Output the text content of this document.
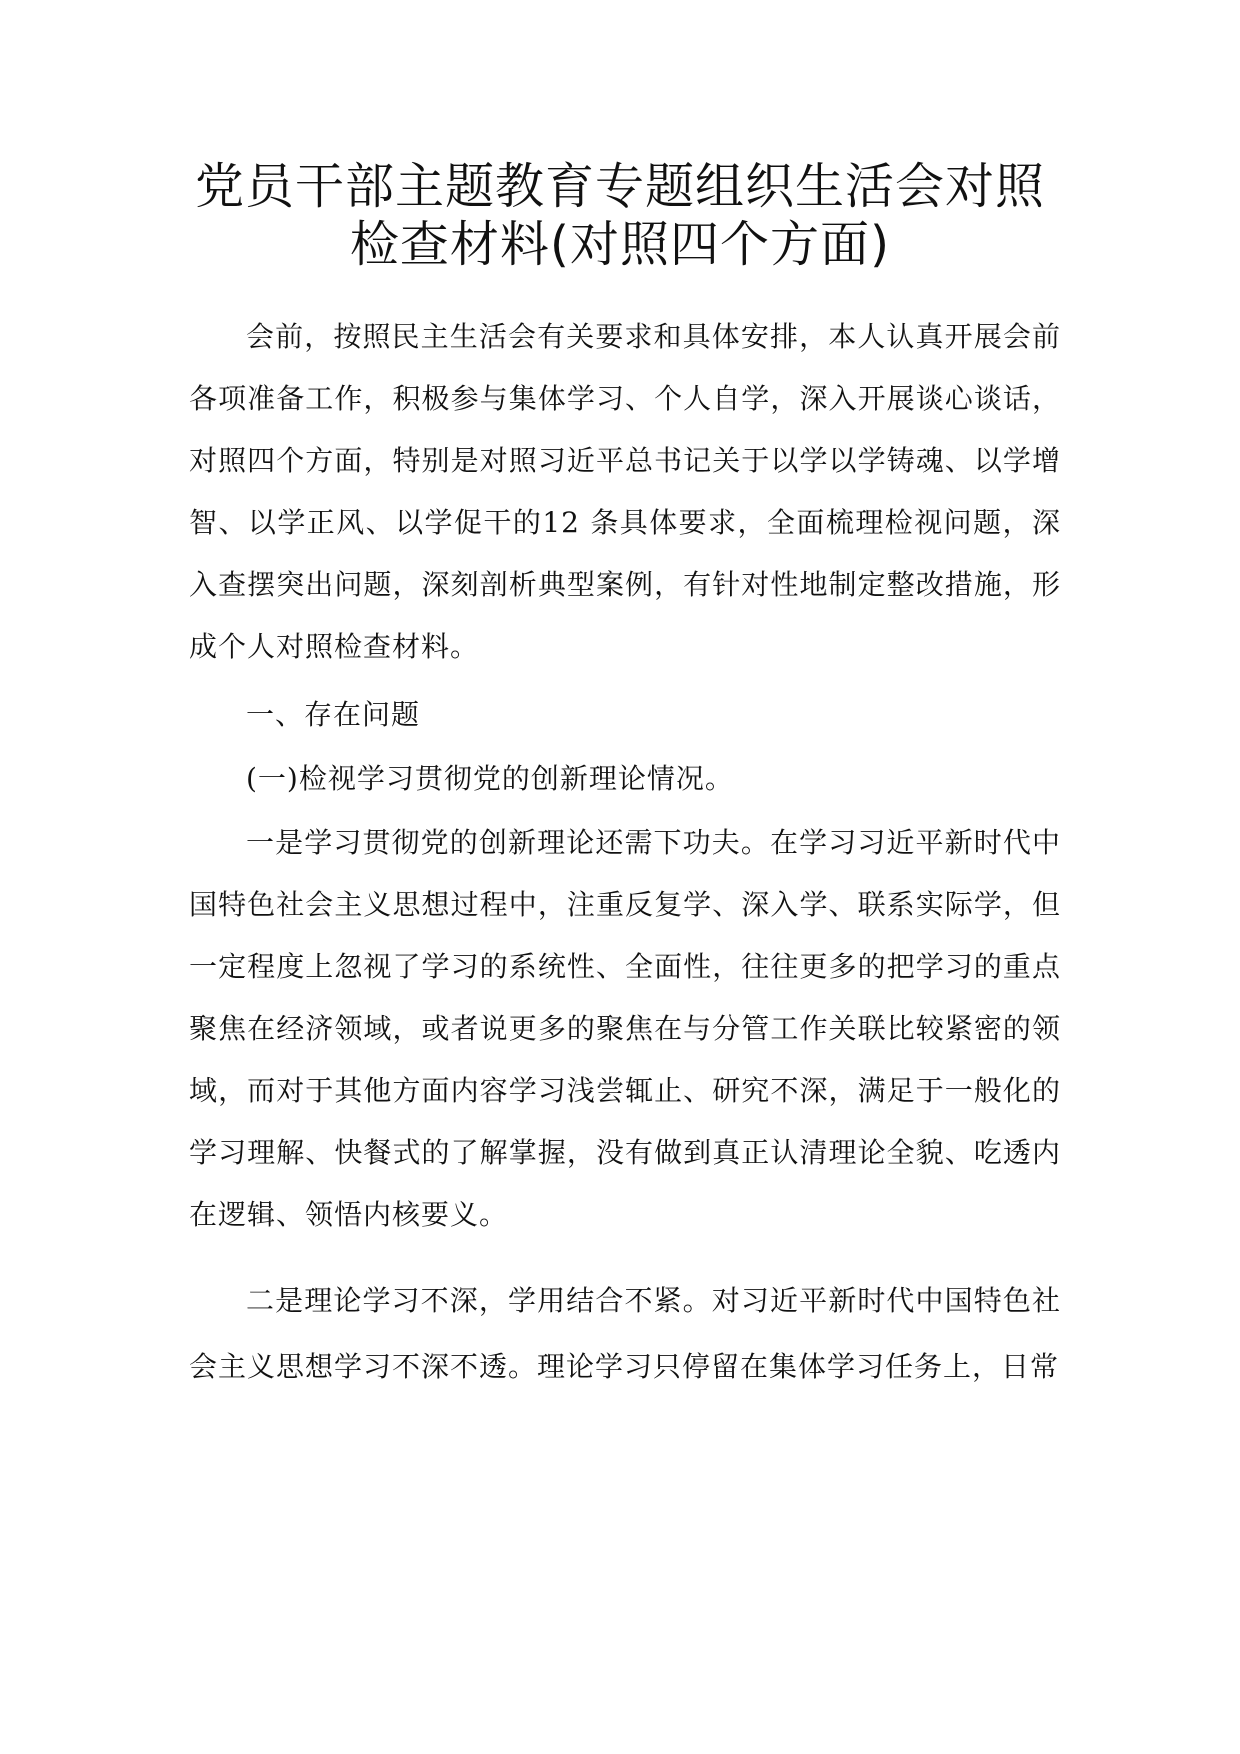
党员干部主题教育专题组织生活会对照
检查材料(对照四个方面)

会前，按照民主生活会有关要求和具体安排，本人认真开展会前各项准备工作，积极参与集体学习、个人自学，深入开展谈心谈话，对照四个方面，特别是对照习近平总书记关于以学以学铸魂、以学增智、以学正风、以学促干的12 条具体要求，全面梳理检视问题，深入查摆突出问题，深刻剖析典型案例，有针对性地制定整改措施，形成个人对照检查材料。

一、存在问题

(一)检视学习贯彻党的创新理论情况。

一是学习贯彻党的创新理论还需下功夫。在学习习近平新时代中国特色社会主义思想过程中，注重反复学、深入学、联系实际学，但一定程度上忽视了学习的系统性、全面性，往往更多的把学习的重点聚焦在经济领域，或者说更多的聚焦在与分管工作关联比较紧密的领域，而对于其他方面内容学习浅尝辄止、研究不深，满足于一般化的学习理解、快餐式的了解掌握，没有做到真正认清理论全貌、吃透内在逻辑、领悟内核要义。

二是理论学习不深，学用结合不紧。对习近平新时代中国特色社会主义思想学习不深不透。理论学习只停留在集体学习任务上，日常
